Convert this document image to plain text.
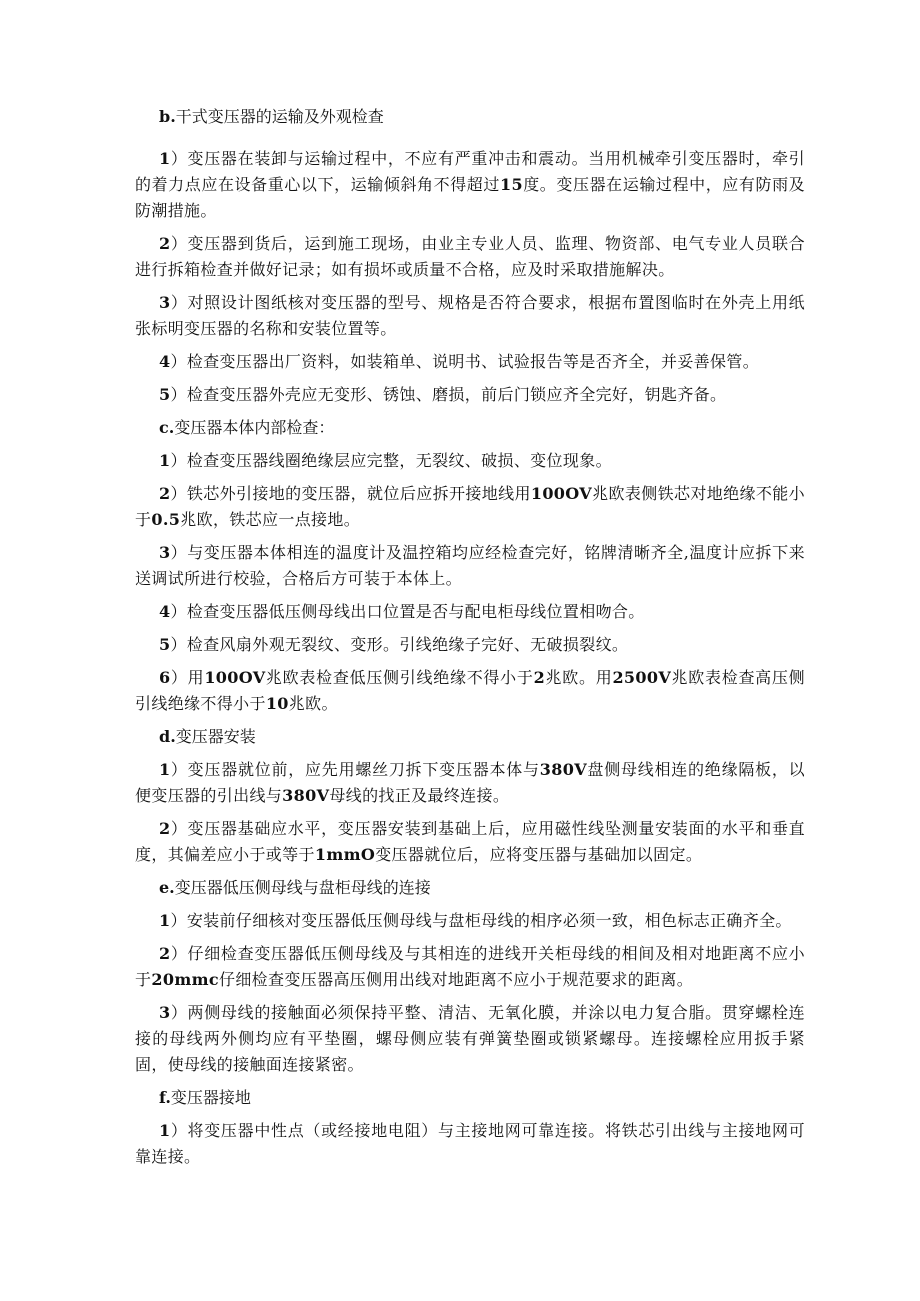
b.干式变压器的运输及外观检查

1）变压器在装卸与运输过程中，不应有严重冲击和震动。当用机械牵引变压器时，牵引的着力点应在设备重心以下，运输倾斜角不得超过15度。变压器在运输过程中，应有防雨及防潮措施。

2）变压器到货后，运到施工现场，由业主专业人员、监理、物资部、电气专业人员联合进行拆箱检查并做好记录；如有损坏或质量不合格，应及时采取措施解决。

3）对照设计图纸核对变压器的型号、规格是否符合要求，根据布置图临时在外壳上用纸张标明变压器的名称和安装位置等。

4）检查变压器出厂资料，如装箱单、说明书、试验报告等是否齐全，并妥善保管。

5）检查变压器外壳应无变形、锈蚀、磨损，前后门锁应齐全完好，钥匙齐备。

c.变压器本体内部检查：

1）检查变压器线圈绝缘层应完整，无裂纹、破损、变位现象。

2）铁芯外引接地的变压器，就位后应拆开接地线用100OV兆欧表侧铁芯对地绝缘不能小于0.5兆欧，铁芯应一点接地。

3）与变压器本体相连的温度计及温控箱均应经检查完好，铭牌清晰齐全,温度计应拆下来送调试所进行校验，合格后方可装于本体上。

4）检查变压器低压侧母线出口位置是否与配电柜母线位置相吻合。

5）检查风扇外观无裂纹、变形。引线绝缘子完好、无破损裂纹。

6）用100OV兆欧表检查低压侧引线绝缘不得小于2兆欧。用2500V兆欧表检查高压侧引线绝缘不得小于10兆欧。

d.变压器安装

1）变压器就位前，应先用螺丝刀拆下变压器本体与380V盘侧母线相连的绝缘隔板，以便变压器的引出线与380V母线的找正及最终连接。

2）变压器基础应水平，变压器安装到基础上后，应用磁性线坠测量安装面的水平和垂直度，其偏差应小于或等于1mmO变压器就位后，应将变压器与基础加以固定。

e.变压器低压侧母线与盘柜母线的连接

1）安装前仔细核对变压器低压侧母线与盘柜母线的相序必须一致，相色标志正确齐全。

2）仔细检查变压器低压侧母线及与其相连的进线开关柜母线的相间及相对地距离不应小于20mmc仔细检查变压器高压侧用出线对地距离不应小于规范要求的距离。

3）两侧母线的接触面必须保持平整、清洁、无氧化膜，并涂以电力复合脂。贯穿螺栓连接的母线两外侧均应有平垫圈，螺母侧应装有弹簧垫圈或锁紧螺母。连接螺栓应用扳手紧固，使母线的接触面连接紧密。

f.变压器接地

1）将变压器中性点（或经接地电阻）与主接地网可靠连接。将铁芯引出线与主接地网可靠连接。
